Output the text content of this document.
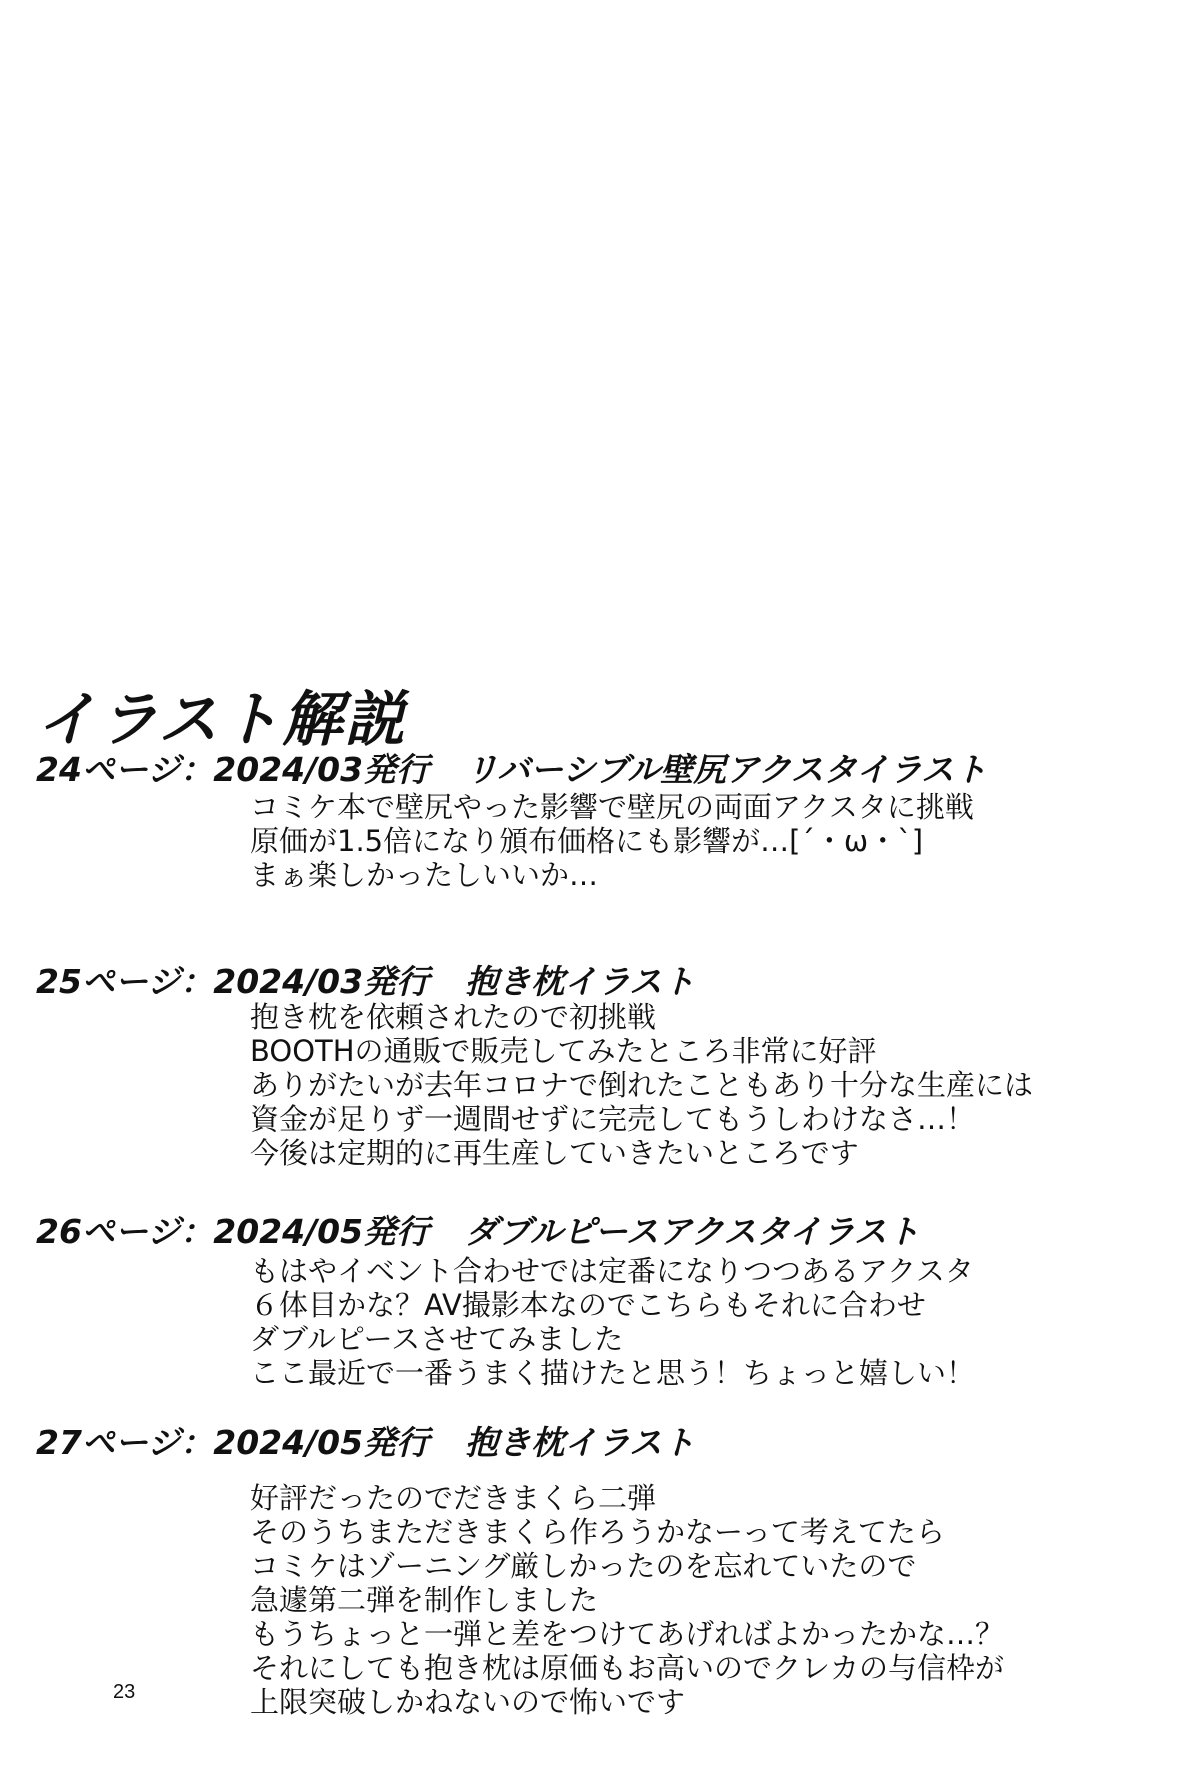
イラスト解説
24ページ：2024/03発行 リバーシブル壁尻アクスタイラスト
コミケ本で壁尻やった影響で壁尻の両面アクスタに挑戦
原価が1.5倍になり頒布価格にも影響が…[´・ω・`]
まぁ楽しかったしいいか…
25ページ：2024/03発行 抱き枕イラスト
抱き枕を依頼されたので初挑戦
BOOTHの通販で販売してみたところ非常に好評
ありがたいが去年コロナで倒れたこともあり十分な生産には
資金が足りず一週間せずに完売してもうしわけなさ…！
今後は定期的に再生産していきたいところです
26ページ：2024/05発行 ダブルピースアクスタイラスト
もはやイベント合わせでは定番になりつつあるアクスタ
６体目かな？AV撮影本なのでこちらもそれに合わせ
ダブルピースさせてみました
ここ最近で一番うまく描けたと思う！ちょっと嬉しい！
27ページ：2024/05発行 抱き枕イラスト
好評だったのでだきまくら二弾
そのうちまただきまくら作ろうかなーって考えてたら
コミケはゾーニング厳しかったのを忘れていたので
急遽第二弾を制作しました
もうちょっと一弾と差をつけてあげればよかったかな…？
それにしても抱き枕は原価もお高いのでクレカの与信枠が
上限突破しかねないので怖いです
23
